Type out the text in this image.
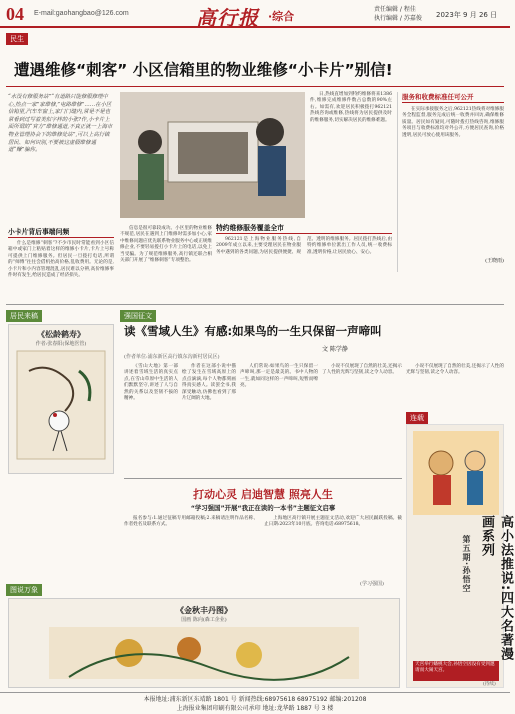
04 E-mail:gaohangbao@126.com	高行报 ·综合
责任编辑 / 程佳
执行编辑 / 苏嘉俊 2023年 9 月 26 日
民生
遭遇维修“刺客” 小区信箱里的物业维修“小卡片”别信!
“水没有修服务站”“有道路只能修服修理中心,热点一家”家维修,”电路维修”……在小区信箱里,汽车车窗上,家门门缝内,常是不是也常看到过写着类似字样的小张?作,小卡片上面所谓的“官方”维修通道,不真正就一上海市物业管理协会下的维修处站”,可以上高行镇居民、如何识别,不要被这虚假维修通道“赚”骗你。
日,热线直增加到特约维修将来1386件,维修完成维修件数占总数的90%左右。如需有,欢迎居民积极拨打962121热线咨询或维修,热线将为居民提供及时的维修服务,切实解决居民的维修难题。
服务和收费标准任可公开
在实际承接服务之后,962121热线将对维修服务全程监督,服务完成后统一收费并回访,确保维修质量。居民如有疑问,可随时拨打热线咨询,维修服务项目与收费标准均对外公开,方便居民查询,价格透明,居民可放心使用该服务。
(王晓雨)
小卡片背后事端问频
什么是维修“刺客”?不少市民时常能看到小区信箱中或家门上粘贴着这样的维修小卡片,卡片上号称可提供上门维修服务。但居民一旦拨打电话,所谓的“师傅”往往会借机抬高价格,乱收费用。无论的是,小卡片和小内容管理混乱,居民难以分辨,高价维修事件时有发生,给居民造成了经济损失。
信息是很可靠较成功。小区里的物业维修不规范,居民在遇到上门维修时需多加小心,家中维修问题应优先联系物业服务中心或正规维修企业,不要轻易拨打小卡片上的电话,以免上当受骗。为了规范维修服务,高行镇还联合相关部门开展了“维修刺客”专项整治。
特约维修服务覆盖全市
962121是上海物业服务热线,自2009年成立以来,主要受理居民在物业服务中遇到的各类问题,为居民提供便捷、规范、透明的维修服务。居民拨打热线后,由特约维修单位派出工作人员,统一收费标准,透明价格,让居民放心、安心。
居民来稿	强国征文
《松龄鹤寿》
作者:张春阳(保地医管)
读《雪域人生》有感:如果鸟的一生只保留一声啼叫
文 陈学静
(作者单位:浦东新区高行镇东沟新村居民区)
《雪山大地》第一部讲述着雪域生活的真实点点,在雪山草原中生活的人们默默坚守,讲述了人与自然的关系以及坚韧不拔的精神。
作者在这部小说中描绘了发生在雪域高原上的点点滴滴,每个人物都刻画得真实感人。读罢全书,我深受触动,仿佛也看到了那片辽阔的大地。
人们常说:如果鸟的一生只保留一声啼叫,那一定是最美的。书中人物的一生,就如同这样的一声啼叫,短暂而嘹亮。
小说不仅展现了自然的壮美,还揭示了人性的光辉与坚韧,读之令人动容。
小说不仅展现了自然的壮美,还揭示了人性的光辉与坚韧,读之令人动容。
连载
高小法推说:四大名著漫画系列
第五期·孙悟空
天宫举行蟠桃大会,孙悟空因没有受到邀请而大闹天宫。
(待续)
打动心灵 启迪智慧 照亮人生
“学习强国”开展“我正在读的一本书”主题征文启事
报名参与:1.通过征稿专用邮箱投稿;2.来稿请注明作品名称、作者姓名及联系方式。
上海地区高行镇开展主题征文活动,欢迎广大居民踊跃投稿。截止日期:2023年10月底。咨询电话:68975618。
(学习强国)
图说万象
《金秋丰丹图》
国画 陈向(森工企业)
本报地址:浦东新区东靖路 1801 号 新闻热线:68975618 68975192 邮编:201208
上海报业集团印刷有限公司承印 地址:龙华路 1887 号 3 楼
